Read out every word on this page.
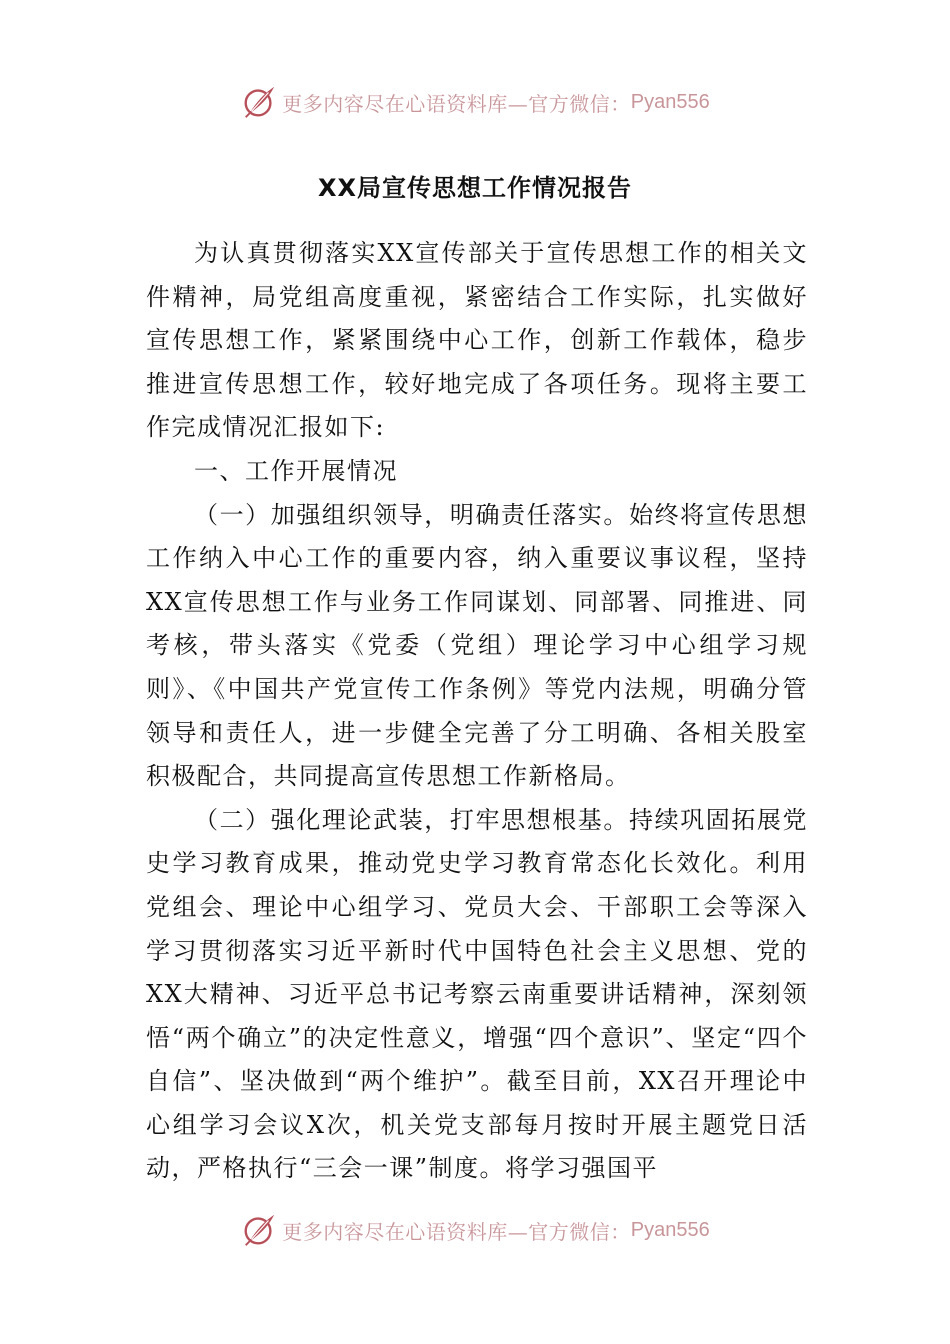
更多内容尽在心语资料库—官方微信： Pyan556
XX局宣传思想工作情况报告

为认真贯彻落实XX宣传部关于宣传思想工作的相关文件精神，局党组高度重视，紧密结合工作实际，扎实做好宣传思想工作，紧紧围绕中心工作，创新工作载体，稳步推进宣传思想工作，较好地完成了各项任务。现将主要工作完成情况汇报如下:

一、工作开展情况

（一）加强组织领导，明确责任落实。始终将宣传思想工作纳入中心工作的重要内容，纳入重要议事议程，坚持XX宣传思想工作与业务工作同谋划、同部署、同推进、同考核，带头落实《党委（党组）理论学习中心组学习规则》、《中国共产党宣传工作条例》等党内法规，明确分管领导和责任人，进一步健全完善了分工明确、各相关股室积极配合，共同提高宣传思想工作新格局。

（二）强化理论武装，打牢思想根基。持续巩固拓展党史学习教育成果，推动党史学习教育常态化长效化。利用党组会、理论中心组学习、党员大会、干部职工会等深入学习贯彻落实习近平新时代中国特色社会主义思想、党的XX大精神、习近平总书记考察云南重要讲话精神，深刻领悟“两个确立”的决定性意义，增强“四个意识”、坚定“四个自信”、坚决做到“两个维护”。截至目前，XX召开理论中心组学习会议X次，机关党支部每月按时开展主题党日活动，严格执行“三会一课”制度。将学习强国平

更多内容尽在心语资料库—官方微信： Pyan556
